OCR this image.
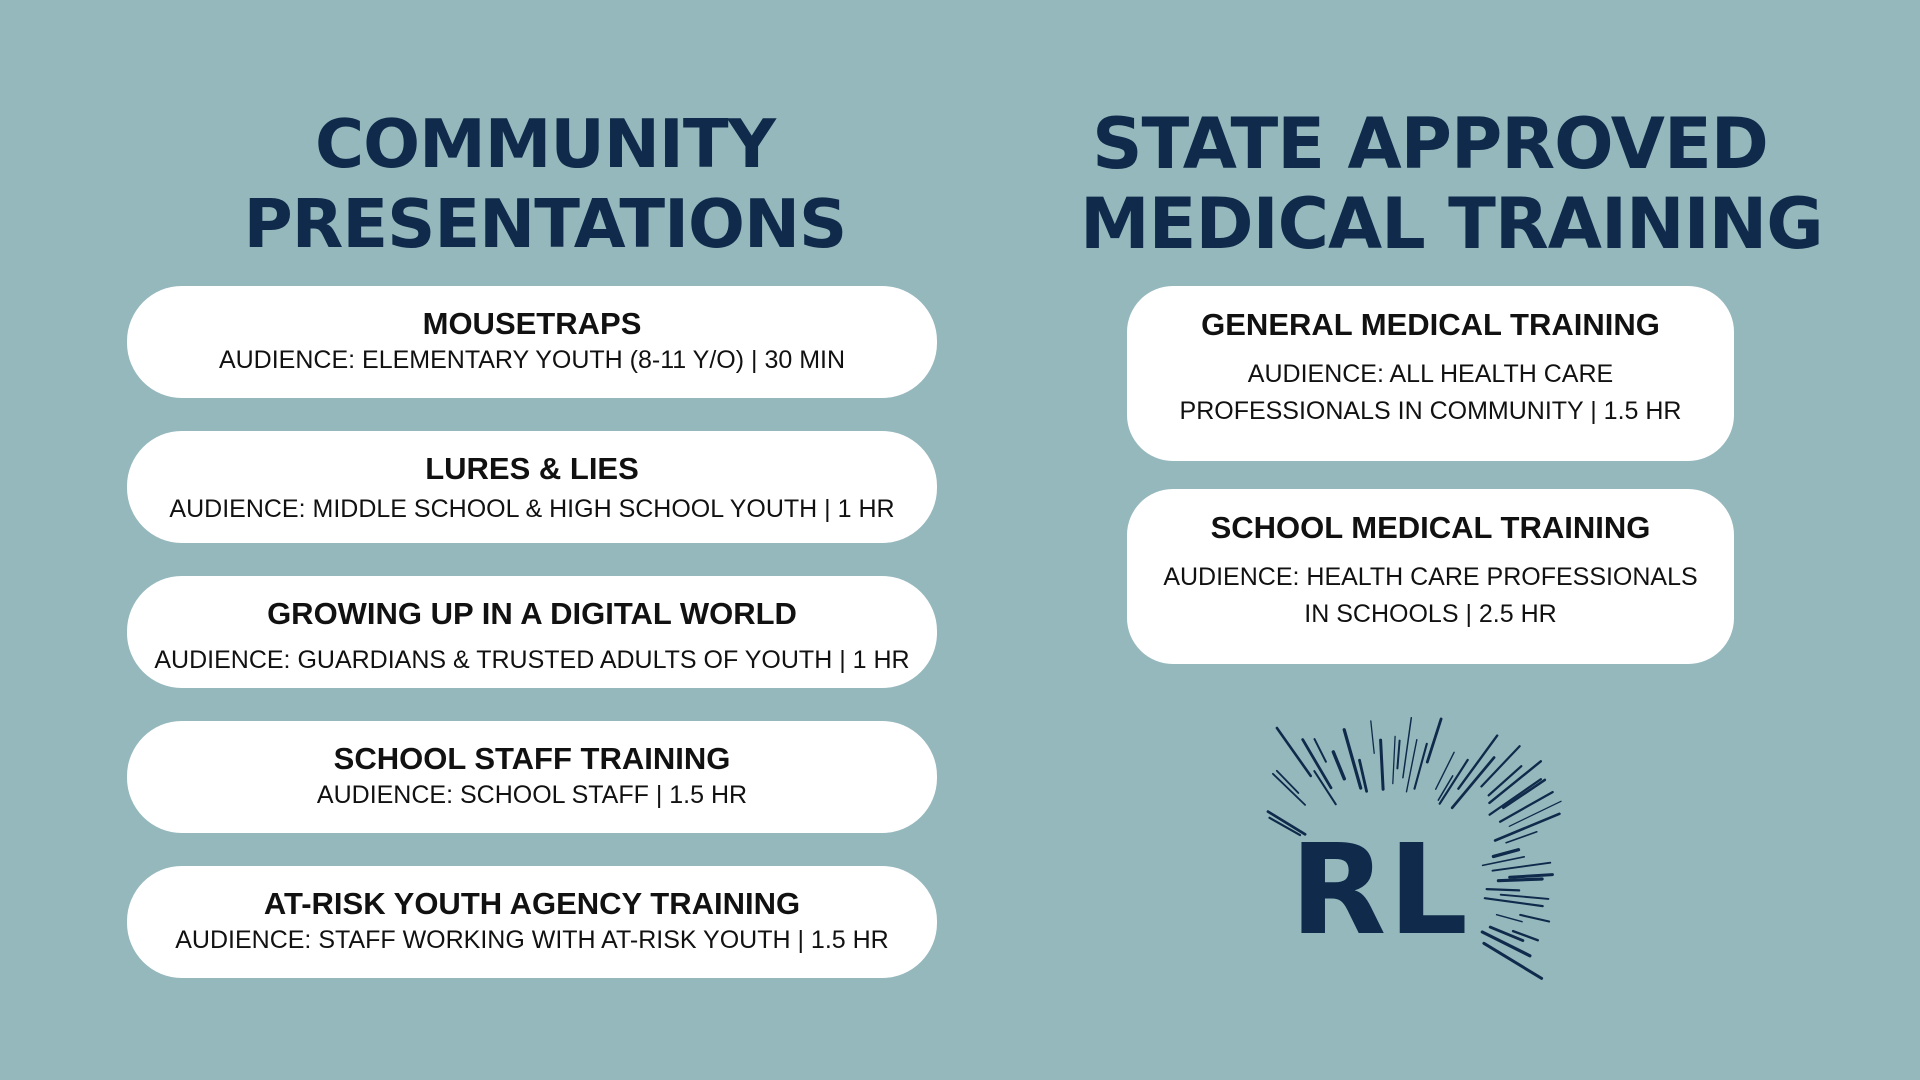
COMMUNITY
PRESENTATIONS
STATE APPROVED
MEDICAL TRAINING
MOUSETRAPS
AUDIENCE: ELEMENTARY YOUTH (8-11 Y/O) | 30 MIN
LURES & LIES
AUDIENCE: MIDDLE SCHOOL & HIGH SCHOOL YOUTH | 1 HR
GROWING UP IN A DIGITAL WORLD
AUDIENCE: GUARDIANS & TRUSTED ADULTS OF YOUTH | 1 HR
SCHOOL STAFF TRAINING
AUDIENCE: SCHOOL STAFF | 1.5 HR
AT-RISK YOUTH AGENCY TRAINING
AUDIENCE: STAFF WORKING WITH AT-RISK YOUTH | 1.5 HR
GENERAL MEDICAL TRAINING
AUDIENCE: ALL HEALTH CARE PROFESSIONALS IN COMMUNITY | 1.5 HR
SCHOOL MEDICAL TRAINING
AUDIENCE: HEALTH CARE PROFESSIONALS IN SCHOOLS | 2.5 HR
RL
